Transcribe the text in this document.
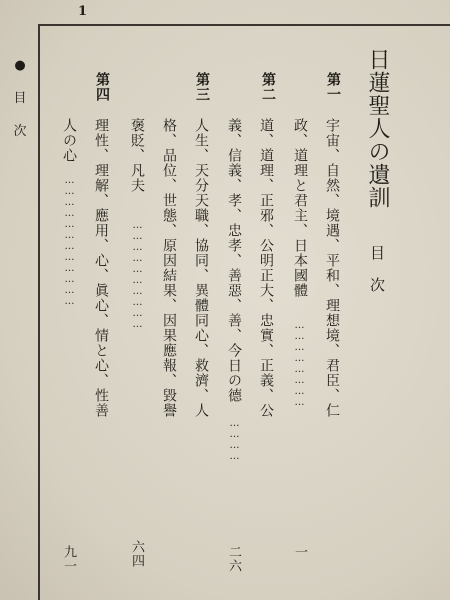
1
●
目
次	日蓮聖人の遺訓 目　次
第一
宇宙、自然、境遇、平和、理想境、君臣、仁
政、道理と君主、日本國體
……………………
一
第二
道、道理、正邪、公明正大、忠實、正義、公
義、信義、孝、忠孝、善惡、善、今日の德
…………
二六
第三
人生、天分天職、協同、異體同心、救濟、人
格、品位、世態、原因結果、因果應報、毀譽
褒貶、凡夫
…………………………
六四
第四
理性、理解、應用、心、眞心、情と心、性善
人の心
………………………………
九一
